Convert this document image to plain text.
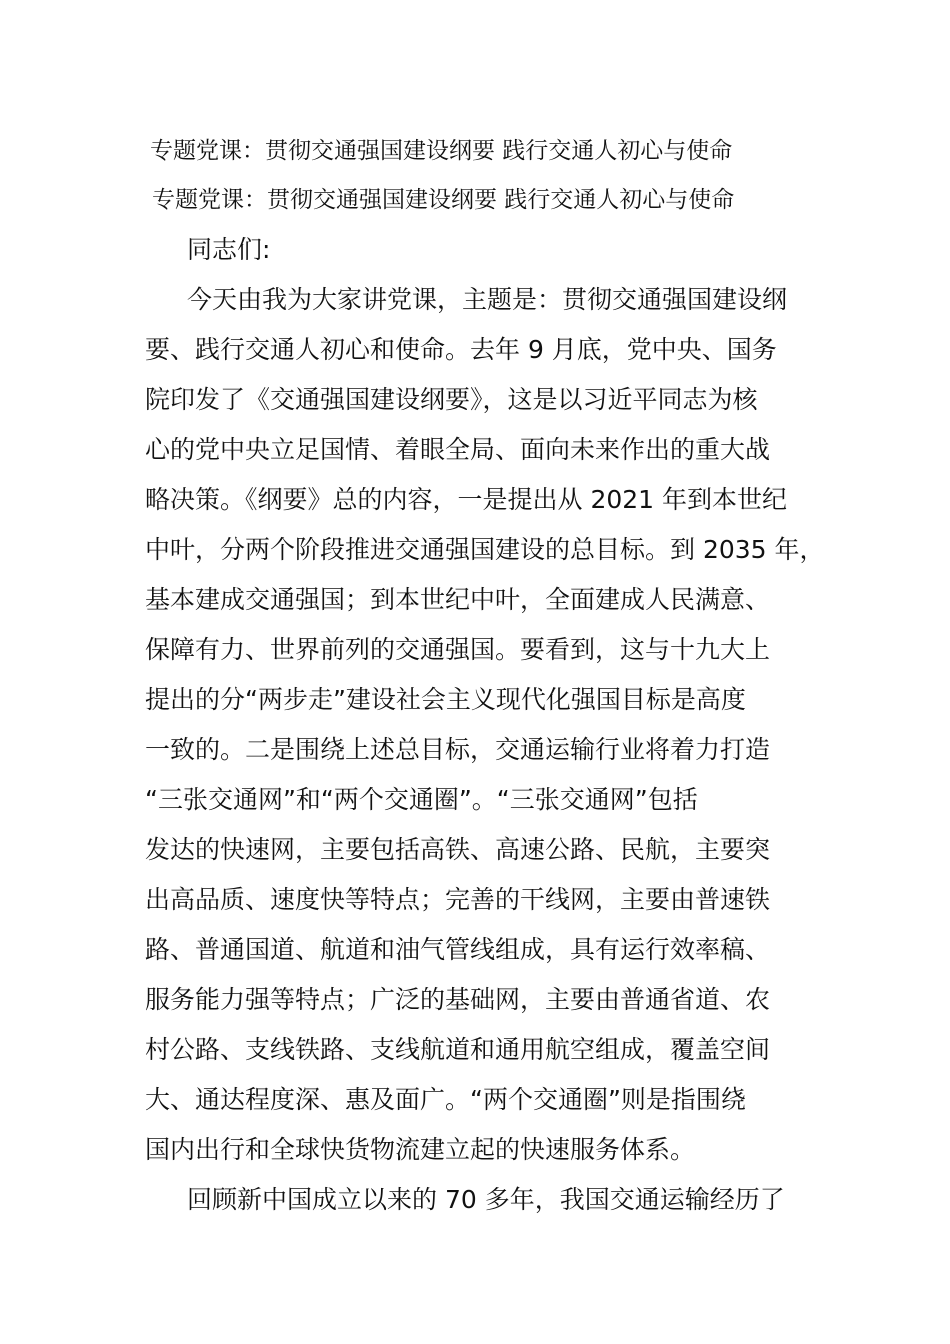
专题党课：贯彻交通强国建设纲要 践行交通人初心与使命
专题党课：贯彻交通强国建设纲要 践行交通人初心与使命
同志们:
今天由我为大家讲党课，主题是：贯彻交通强国建设纲
要、践行交通人初心和使命。去年 9 月底，党中央、国务
院印发了《交通强国建设纲要》，这是以习近平同志为核
心的党中央立足国情、着眼全局、面向未来作出的重大战
略决策。《纲要》总的内容，一是提出从 2021 年到本世纪
中叶，分两个阶段推进交通强国建设的总目标。到 2035 年，
基本建成交通强国；到本世纪中叶，全面建成人民满意、
保障有力、世界前列的交通强国。要看到，这与十九大上
提出的分“两步走”建设社会主义现代化强国目标是高度
一致的。二是围绕上述总目标，交通运输行业将着力打造
“三张交通网”和“两个交通圈”。“三张交通网”包括
发达的快速网，主要包括高铁、高速公路、民航，主要突
出高品质、速度快等特点；完善的干线网，主要由普速铁
路、普通国道、航道和油气管线组成，具有运行效率稿、
服务能力强等特点；广泛的基础网，主要由普通省道、农
村公路、支线铁路、支线航道和通用航空组成，覆盖空间
大、通达程度深、惠及面广。“两个交通圈”则是指围绕
国内出行和全球快货物流建立起的快速服务体系。
回顾新中国成立以来的 70 多年，我国交通运输经历了
